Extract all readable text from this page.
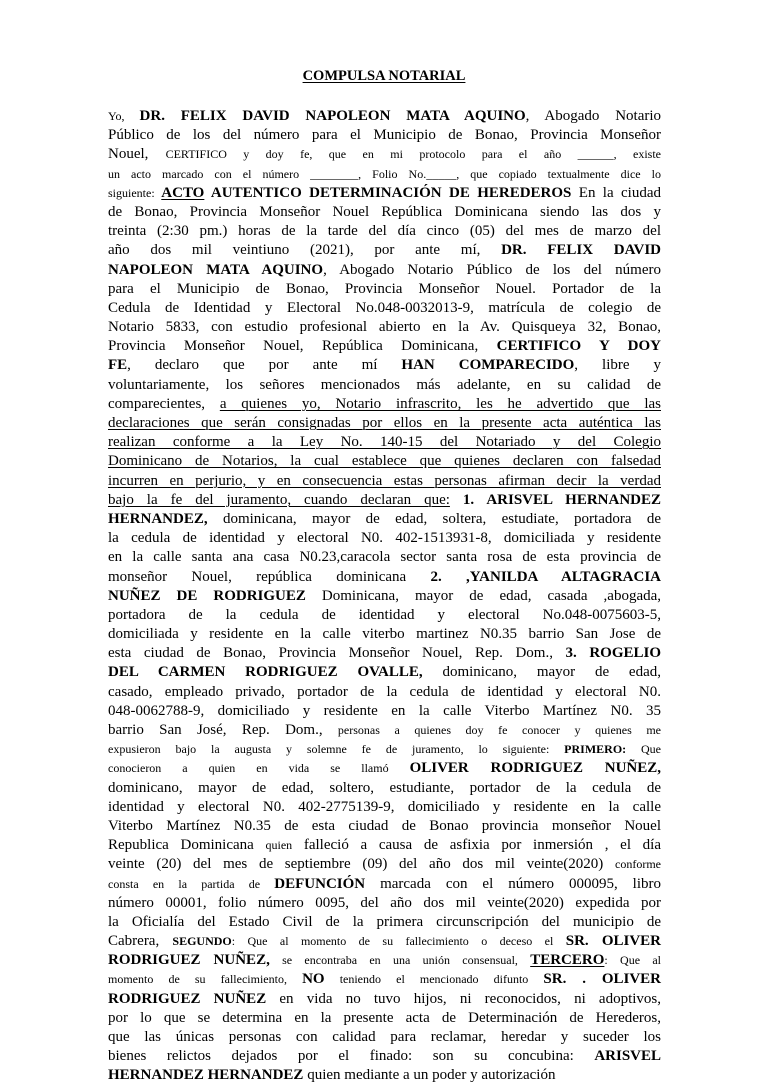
COMPULSA NOTARIAL
Yo, DR. FELIX DAVID NAPOLEON MATA AQUINO, Abogado Notario
Público de los del número para el Municipio de Bonao, Provincia Monseñor
Nouel, CERTIFICO y doy fe, que en mi protocolo para el año ______, existe
un acto marcado con el número ________, Folio No._____, que copiado textualmente dice lo
siguiente: ACTO AUTENTICO DETERMINACIÓN DE HEREDEROS En la ciudad
de Bonao, Provincia Monseñor Nouel República Dominicana siendo las dos y
treinta (2:30 pm.) horas de la tarde del día cinco (05) del mes de marzo del
año dos mil veintiuno (2021), por ante mí, DR. FELIX DAVID
NAPOLEON MATA AQUINO, Abogado Notario Público de los del número
para el Municipio de Bonao, Provincia Monseñor Nouel. Portador de la
Cedula de Identidad y Electoral No.048-0032013-9, matrícula de colegio de
Notario 5833, con estudio profesional abierto en la Av. Quisqueya 32, Bonao,
Provincia Monseñor Nouel, República Dominicana, CERTIFICO Y DOY
FE, declaro que por ante mí HAN COMPARECIDO, libre y
voluntariamente, los señores mencionados más adelante, en su calidad de
comparecientes, a quienes yo, Notario infrascrito, les he advertido que las
declaraciones que serán consignadas por ellos en la presente acta auténtica las
realizan conforme a la Ley No. 140-15 del Notariado y del Colegio
Dominicano de Notarios, la cual establece que quienes declaren con falsedad
incurren en perjurio, y en consecuencia estas personas afirman decir la verdad
bajo la fe del juramento, cuando declaran que: 1. ARISVEL HERNANDEZ
HERNANDEZ, dominicana, mayor de edad, soltera, estudiate, portadora de
la cedula de identidad y electoral N0. 402-1513931-8, domiciliada y residente
en la calle santa ana casa N0.23,caracola sector santa rosa de esta provincia de
monseñor Nouel, república dominicana 2. ,YANILDA ALTAGRACIA
NUÑEZ DE RODRIGUEZ Dominicana, mayor de edad, casada ,abogada,
portadora de la cedula de identidad y electoral No.048-0075603-5,
domiciliada y residente en la calle viterbo martinez N0.35 barrio San Jose de
esta ciudad de Bonao, Provincia Monseñor Nouel, Rep. Dom., 3. ROGELIO
DEL CARMEN RODRIGUEZ OVALLE, dominicano, mayor de edad,
casado, empleado privado, portador de la cedula de identidad y electoral N0.
048-0062788-9, domiciliado y residente en la calle Viterbo Martínez N0. 35
barrio San José, Rep. Dom., personas a quienes doy fe conocer y quienes me
expusieron bajo la augusta y solemne fe de juramento, lo siguiente: PRIMERO: Que
conocieron a quien en vida se llamó OLIVER RODRIGUEZ NUÑEZ,
dominicano, mayor de edad, soltero, estudiante, portador de la cedula de
identidad y electoral N0. 402-2775139-9, domiciliado y residente en la calle
Viterbo Martínez N0.35 de esta ciudad de Bonao provincia monseñor Nouel
Republica Dominicana quien falleció a causa de asfixia por inmersión , el día
veinte (20) del mes de septiembre (09) del año dos mil veinte(2020) conforme
consta en la partida de DEFUNCIÓN marcada con el número 000095, libro
número 00001, folio número 0095, del año dos mil veinte(2020) expedida por
la Oficialía del Estado Civil de la primera circunscripción del municipio de
Cabrera, SEGUNDO: Que al momento de su fallecimiento o deceso el SR. OLIVER
RODRIGUEZ NUÑEZ, se encontraba en una unión consensual, TERCERO: Que al
momento de su fallecimiento, NO teniendo el mencionado difunto SR. . OLIVER
RODRIGUEZ NUÑEZ en vida no tuvo hijos, ni reconocidos, ni adoptivos,
por lo que se determina en la presente acta de Determinación de Herederos,
que las únicas personas con calidad para reclamar, heredar y suceder los
bienes relictos dejados por el finado: son su concubina: ARISVEL
HERNANDEZ HERNANDEZ quien mediante a un poder y autorización
